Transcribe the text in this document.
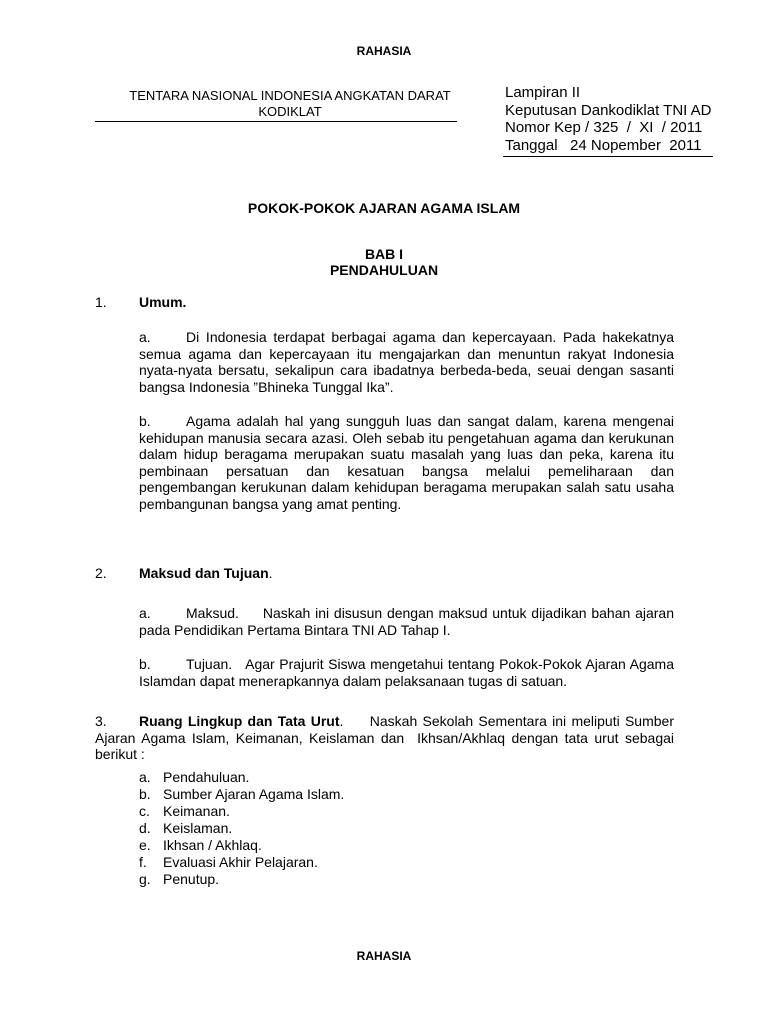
RAHASIA
TENTARA NASIONAL INDONESIA ANGKATAN DARAT
KODIKLAT
Lampiran II
Keputusan Dankodiklat TNI AD
Nomor Kep / 325  /  XI  / 2011
Tanggal   24 Nopember  2011
POKOK-POKOK AJARAN AGAMA ISLAM
BAB I
PENDAHULUAN
1. Umum.
a.	Di Indonesia terdapat berbagai agama dan kepercayaan. Pada hakekatnya semua agama dan kepercayaan itu mengajarkan dan menuntun rakyat Indonesia nyata-nyata bersatu, sekalipun cara ibadatnya berbeda-beda, seuai dengan sasanti bangsa Indonesia ”Bhineka Tunggal Ika”.
b.	Agama adalah hal yang sungguh luas dan sangat dalam, karena mengenai kehidupan manusia secara azasi. Oleh sebab itu pengetahuan agama dan kerukunan dalam hidup beragama merupakan suatu masalah yang luas dan peka, karena itu pembinaan persatuan dan kesatuan bangsa melalui pemeliharaan dan pengembangan kerukunan dalam kehidupan beragama merupakan salah satu usaha pembangunan bangsa yang amat penting.
2. Maksud dan Tujuan.
a.	Maksud.     Naskah ini disusun dengan maksud untuk dijadikan bahan ajaran pada Pendidikan Pertama Bintara TNI AD Tahap I.
b.	Tujuan.   Agar Prajurit Siswa mengetahui tentang Pokok-Pokok Ajaran Agama Islamdan dapat menerapkannya dalam pelaksanaan tugas di satuan.
3. Ruang Lingkup dan Tata Urut.     Naskah Sekolah Sementara ini meliputi Sumber Ajaran Agama Islam, Keimanan, Keislaman dan  Ikhsan/Akhlaq dengan tata urut sebagai berikut :
a. Pendahuluan.
b. Sumber Ajaran Agama Islam.
c. Keimanan.
d. Keislaman.
e. Ikhsan / Akhlaq.
f. Evaluasi Akhir Pelajaran.
g. Penutup.
RAHASIA
